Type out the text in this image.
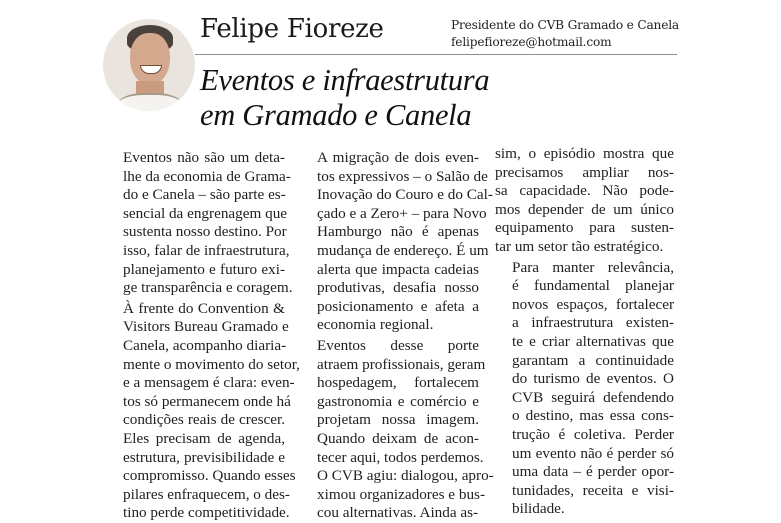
Felipe Fioreze	Presidente do CVB Gramado e Canela
felipefioreze@hotmail.com
Eventos e infraestrutura
em Gramado e Canela

Eventos não são um deta-
lhe da economia de Grama-
do e Canela – são parte es-
sencial da engrenagem que
sustenta nosso destino. Por
isso, falar de infraestrutura,
planejamento e futuro exi-
ge transparência e coragem.

À frente do Convention &
Visitors Bureau Gramado e
Canela, acompanho diaria-
mente o movimento do setor,
e a mensagem é clara: even-
tos só permanecem onde há
condições reais de crescer.
Eles precisam de agenda,
estrutura, previsibilidade e
compromisso. Quando esses
pilares enfraquecem, o des-
tino perde competitividade.

A migração de dois even-
tos expressivos – o Salão de
Inovação do Couro e do Cal-
çado e a Zero+ – para Novo
Hamburgo não é apenas
mudança de endereço. É um
alerta que impacta cadeias
produtivas, desafia nosso
posicionamento e afeta a
economia regional.

Eventos desse porte
atraem profissionais, geram
hospedagem, fortalecem
gastronomia e comércio e
projetam nossa imagem.
Quando deixam de acon-
tecer aqui, todos perdemos.
O CVB agiu: dialogou, apro-
ximou organizadores e bus-
cou alternativas. Ainda as-

sim, o episódio mostra que
precisamos ampliar nos-
sa capacidade. Não pode-
mos depender de um único
equipamento para susten-
tar um setor tão estratégico.

Para manter relevância,
é fundamental planejar
novos espaços, fortalecer
a infraestrutura existen-
te e criar alternativas que
garantam a continuidade
do turismo de eventos. O
CVB seguirá defendendo
o destino, mas essa cons-
trução é coletiva. Perder
um evento não é perder só
uma data – é perder opor-
tunidades, receita e visi-
bilidade.
